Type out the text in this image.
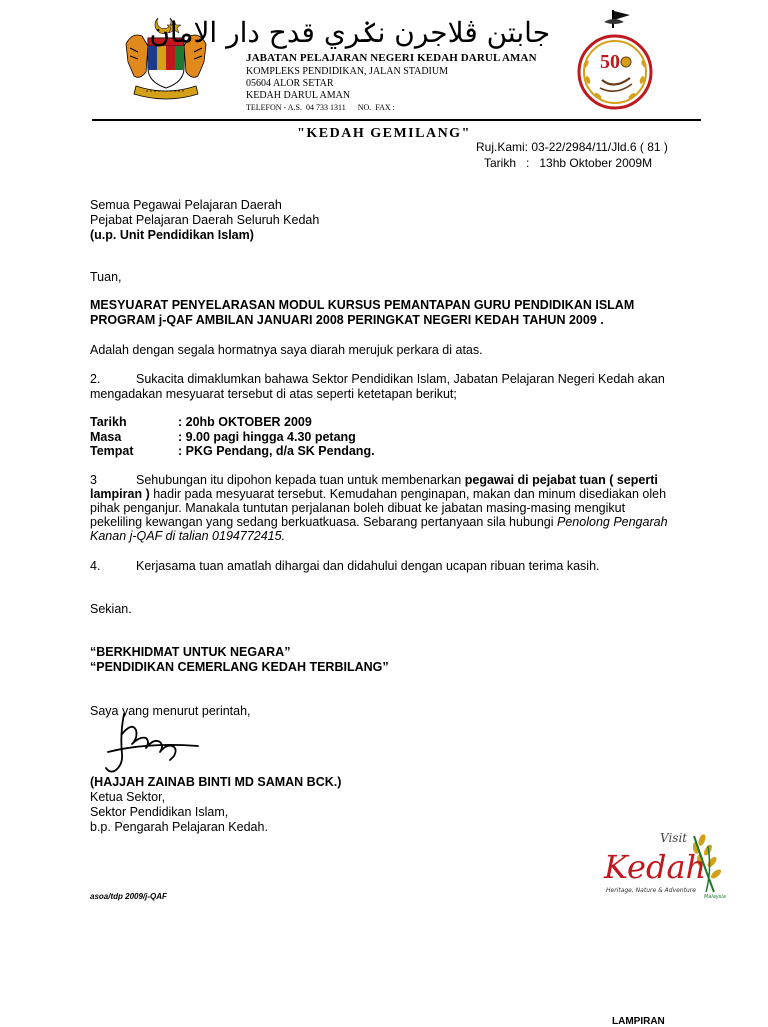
جابتن ڤلاجرن نݢري قدح دار الامان
JABATAN PELAJARAN NEGERI KEDAH DARUL AMAN
KOMPLEKS PENDIDIKAN, JALAN STADIUM
05604 ALOR SETAR
KEDAH DARUL AMAN
TELEFON - A.S.  04 733 1311      NO.  FAX :
50
"KEDAH GEMILANG"
Ruj.Kami: 03-22/2984/11/Jld.6 ( 81 )
Tarikh   :   13hb Oktober 2009M
Semua Pegawai Pelajaran Daerah
Pejabat Pelajaran Daerah Seluruh Kedah
(u.p. Unit Pendidikan Islam)
Tuan,
MESYUARAT PENYELARASAN MODUL KURSUS PEMANTAPAN GURU PENDIDIKAN ISLAM
PROGRAM j-QAF AMBILAN JANUARI 2008 PERINGKAT NEGERI KEDAH TAHUN 2009 .
Adalah dengan segala hormatnya saya diarah merujuk perkara di atas.
2.	Sukacita dimaklumkan bahawa Sektor Pendidikan Islam, Jabatan Pelajaran Negeri Kedah akan
mengadakan mesyuarat tersebut di atas seperti ketetapan berikut;
Tarikh	: 20hb OKTOBER 2009
Masa	: 9.00 pagi hingga 4.30 petang
Tempat	: PKG Pendang, d/a SK Pendang.
3	Sehubungan itu dipohon kepada tuan untuk membenarkan pegawai di pejabat tuan ( seperti
lampiran ) hadir pada mesyuarat tersebut. Kemudahan penginapan, makan dan minum disediakan oleh
pihak penganjur. Manakala tuntutan perjalanan boleh dibuat ke jabatan masing-masing mengikut
pekeliling kewangan yang sedang berkuatkuasa. Sebarang pertanyaan sila hubungi Penolong Pengarah
Kanan j-QAF di talian 0194772415.
4.	Kerjasama tuan amatlah dihargai dan didahului dengan ucapan ribuan terima kasih.
Sekian.
“BERKHIDMAT UNTUK NEGARA”
“PENDIDIKAN CEMERLANG KEDAH TERBILANG”
Saya yang menurut perintah,
(HAJJAH ZAINAB BINTI MD SAMAN BCK.)
Ketua Sektor,
Sektor Pendidikan Islam,
b.p. Pengarah Pelajaran Kedah.
Visit
Kedah
Heritage, Nature & Adventure
Malaysia
asoa/tdp 2009/j-QAF
LAMPIRAN
